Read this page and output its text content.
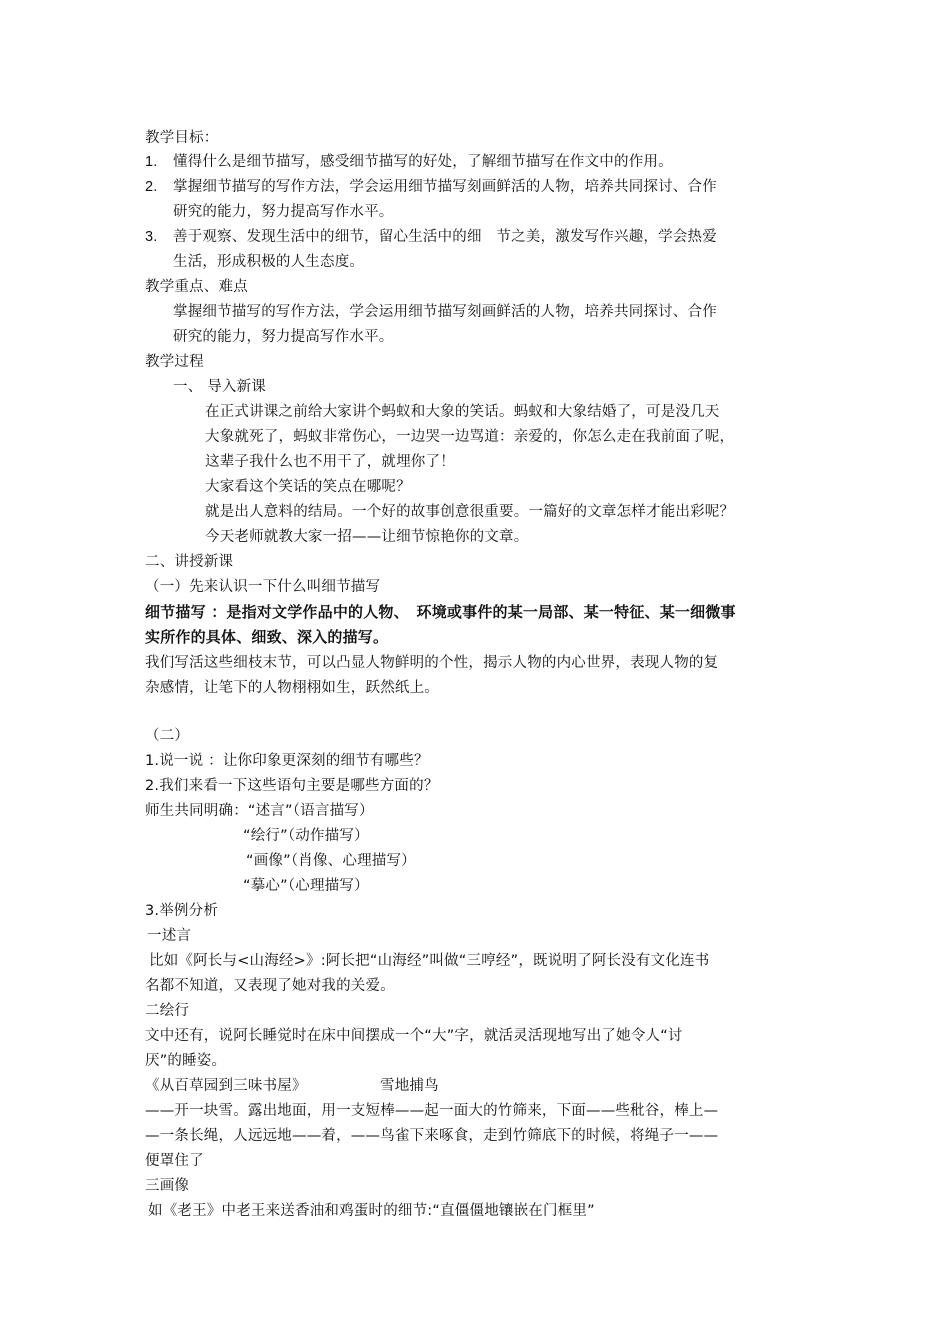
教学目标：
1. 懂得什么是细节描写，感受细节描写的好处，了解细节描写在作文中的作用。
2. 掌握细节描写的写作方法，学会运用细节描写刻画鲜活的人物，培养共同探讨、合作
研究的能力，努力提高写作水平。
3. 善于观察、发现生活中的细节，留心生活中的细　节之美，激发写作兴趣，学会热爱
生活，形成积极的人生态度。
教学重点、难点
掌握细节描写的写作方法，学会运用细节描写刻画鲜活的人物，培养共同探讨、合作
研究的能力，努力提高写作水平。
教学过程
一、 导入新课
在正式讲课之前给大家讲个蚂蚁和大象的笑话。蚂蚁和大象结婚了，可是没几天
大象就死了，蚂蚁非常伤心，一边哭一边骂道：亲爱的，你怎么走在我前面了呢，
这辈子我什么也不用干了，就埋你了！
大家看这个笑话的笑点在哪呢？
就是出人意料的结局。一个好的故事创意很重要。一篇好的文章怎样才能出彩呢？
今天老师就教大家一招——让细节惊艳你的文章。
二、讲授新课
（一）先来认识一下什么叫细节描写
细节描写 ：是指对文学作品中的人物、　环境或事件的某一局部、某一特征、某一细微事
实所作的具体、细致、深入的描写。
我们写活这些细枝末节，可以凸显人物鲜明的个性，揭示人物的内心世界，表现人物的复
杂感情，让笔下的人物栩栩如生，跃然纸上。
（二）
1.说一说 ：让你印象更深刻的细节有哪些？
2.我们来看一下这些语句主要是哪些方面的？
师生共同明确：“述言”（语言描写）
“绘行”（动作描写）
“画像”（肖像、心理描写）
“摹心”（心理描写）
3.举例分析
一述言
比如《阿长与<山海经>》:阿长把“山海经”叫做“三哼经”，既说明了阿长没有文化连书
名都不知道，又表现了她对我的关爱。
二绘行
文中还有，说阿长睡觉时在床中间摆成一个“大”字，就活灵活现地写出了她令人“讨
厌”的睡姿。
《从百草园到三味书屋》	雪地捕鸟
——开一块雪。露出地面，用一支短棒——起一面大的竹筛来，下面——些秕谷，棒上—
—一条长绳，人远远地——着，——鸟雀下来啄食，走到竹筛底下的时候，将绳子一——
便罩住了
三画像
如《老王》中老王来送香油和鸡蛋时的细节:“直僵僵地镶嵌在门框里”
